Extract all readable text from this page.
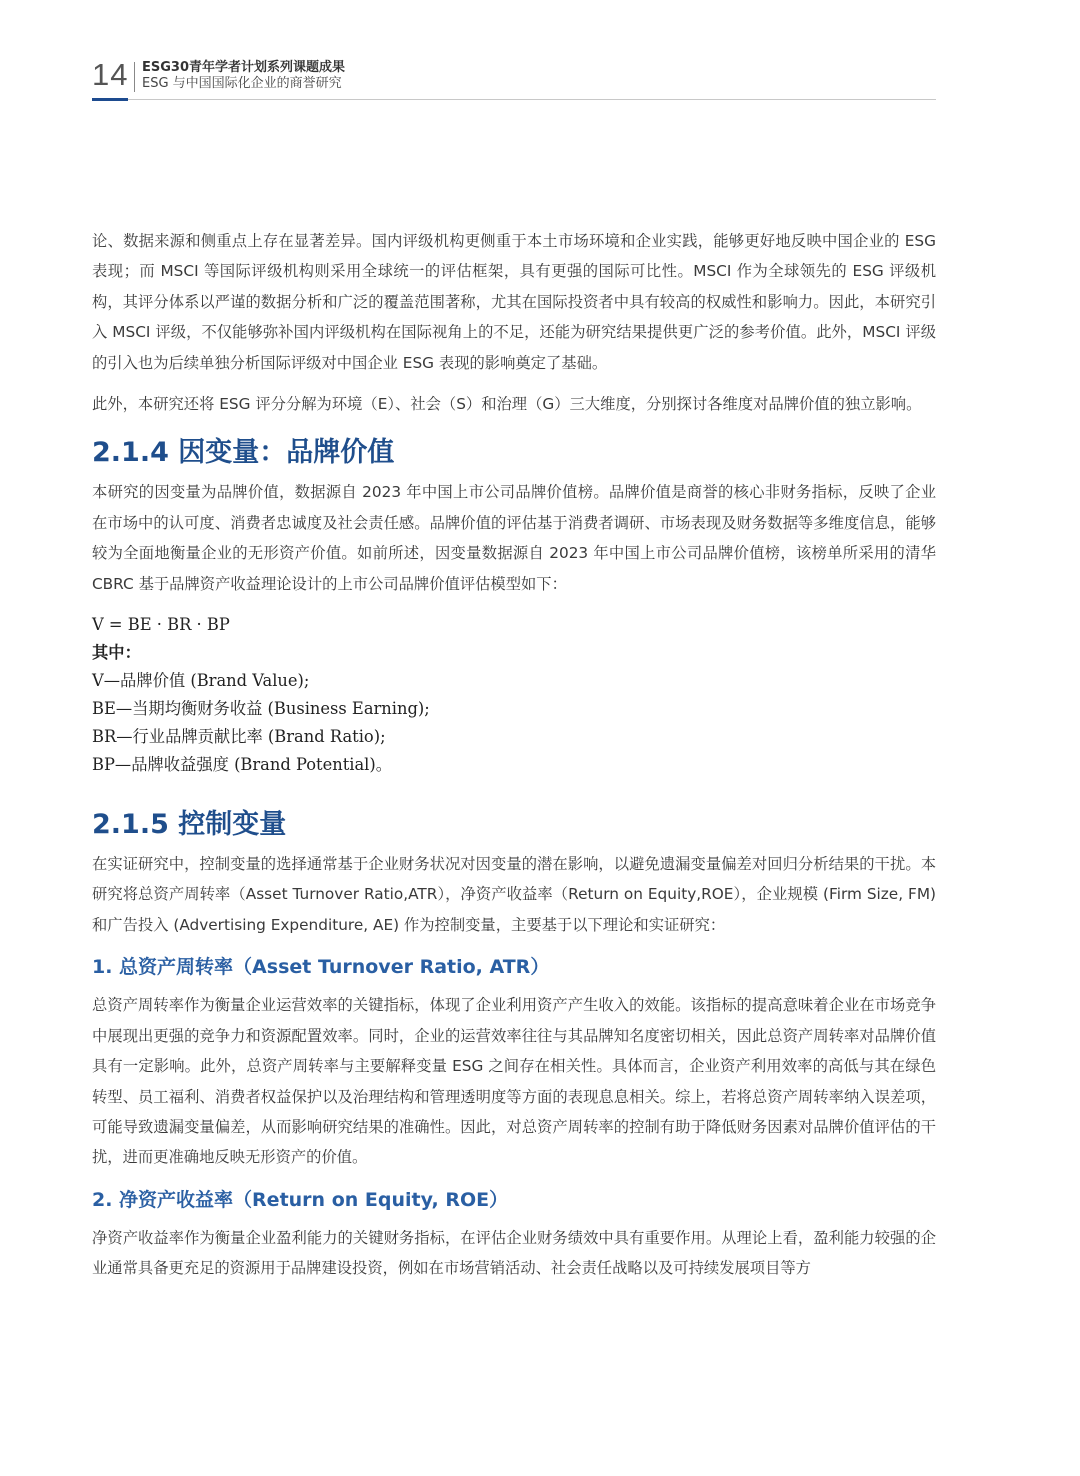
14 ESG30青年学者计划系列课题成果
ESG 与中国国际化企业的商誉研究

论、数据来源和侧重点上存在显著差异。国内评级机构更侧重于本土市场环境和企业实践，能够更好地反映中国企业的 ESG 表现；而 MSCI 等国际评级机构则采用全球统一的评估框架，具有更强的国际可比性。MSCI 作为全球领先的 ESG 评级机构，其评分体系以严谨的数据分析和广泛的覆盖范围著称，尤其在国际投资者中具有较高的权威性和影响力。因此，本研究引入 MSCI 评级，不仅能够弥补国内评级机构在国际视角上的不足，还能为研究结果提供更广泛的参考价值。此外，MSCI 评级的引入也为后续单独分析国际评级对中国企业 ESG 表现的影响奠定了基础。

此外，本研究还将 ESG 评分分解为环境（E）、社会（S）和治理（G）三大维度，分别探讨各维度对品牌价值的独立影响。

2.1.4 因变量：品牌价值

本研究的因变量为品牌价值，数据源自 2023 年中国上市公司品牌价值榜。品牌价值是商誉的核心非财务指标，反映了企业在市场中的认可度、消费者忠诚度及社会责任感。品牌价值的评估基于消费者调研、市场表现及财务数据等多维度信息，能够较为全面地衡量企业的无形资产价值。如前所述，因变量数据源自 2023 年中国上市公司品牌价值榜，该榜单所采用的清华 CBRC 基于品牌资产收益理论设计的上市公司品牌价值评估模型如下：

V = BE · BR · BP
其中：
V—品牌价值 (Brand Value);
BE—当期均衡财务收益 (Business Earning);
BR—行业品牌贡献比率 (Brand Ratio);
BP—品牌收益强度 (Brand Potential)。
2.1.5 控制变量

在实证研究中，控制变量的选择通常基于企业财务状况对因变量的潜在影响，以避免遗漏变量偏差对回归分析结果的干扰。本研究将总资产周转率（Asset Turnover Ratio,ATR），净资产收益率（Return on Equity,ROE），企业规模 (Firm Size, FM) 和广告投入 (Advertising Expenditure, AE) 作为控制变量，主要基于以下理论和实证研究：

1. 总资产周转率（Asset Turnover Ratio, ATR）

总资产周转率作为衡量企业运营效率的关键指标，体现了企业利用资产产生收入的效能。该指标的提高意味着企业在市场竞争中展现出更强的竞争力和资源配置效率。同时，企业的运营效率往往与其品牌知名度密切相关，因此总资产周转率对品牌价值具有一定影响。此外，总资产周转率与主要解释变量 ESG 之间存在相关性。具体而言，企业资产利用效率的高低与其在绿色转型、员工福利、消费者权益保护以及治理结构和管理透明度等方面的表现息息相关。综上，若将总资产周转率纳入误差项，可能导致遗漏变量偏差，从而影响研究结果的准确性。因此，对总资产周转率的控制有助于降低财务因素对品牌价值评估的干扰，进而更准确地反映无形资产的价值。

2. 净资产收益率（Return on Equity, ROE）

净资产收益率作为衡量企业盈利能力的关键财务指标，在评估企业财务绩效中具有重要作用。从理论上看，盈利能力较强的企业通常具备更充足的资源用于品牌建设投资，例如在市场营销活动、社会责任战略以及可持续发展项目等方
